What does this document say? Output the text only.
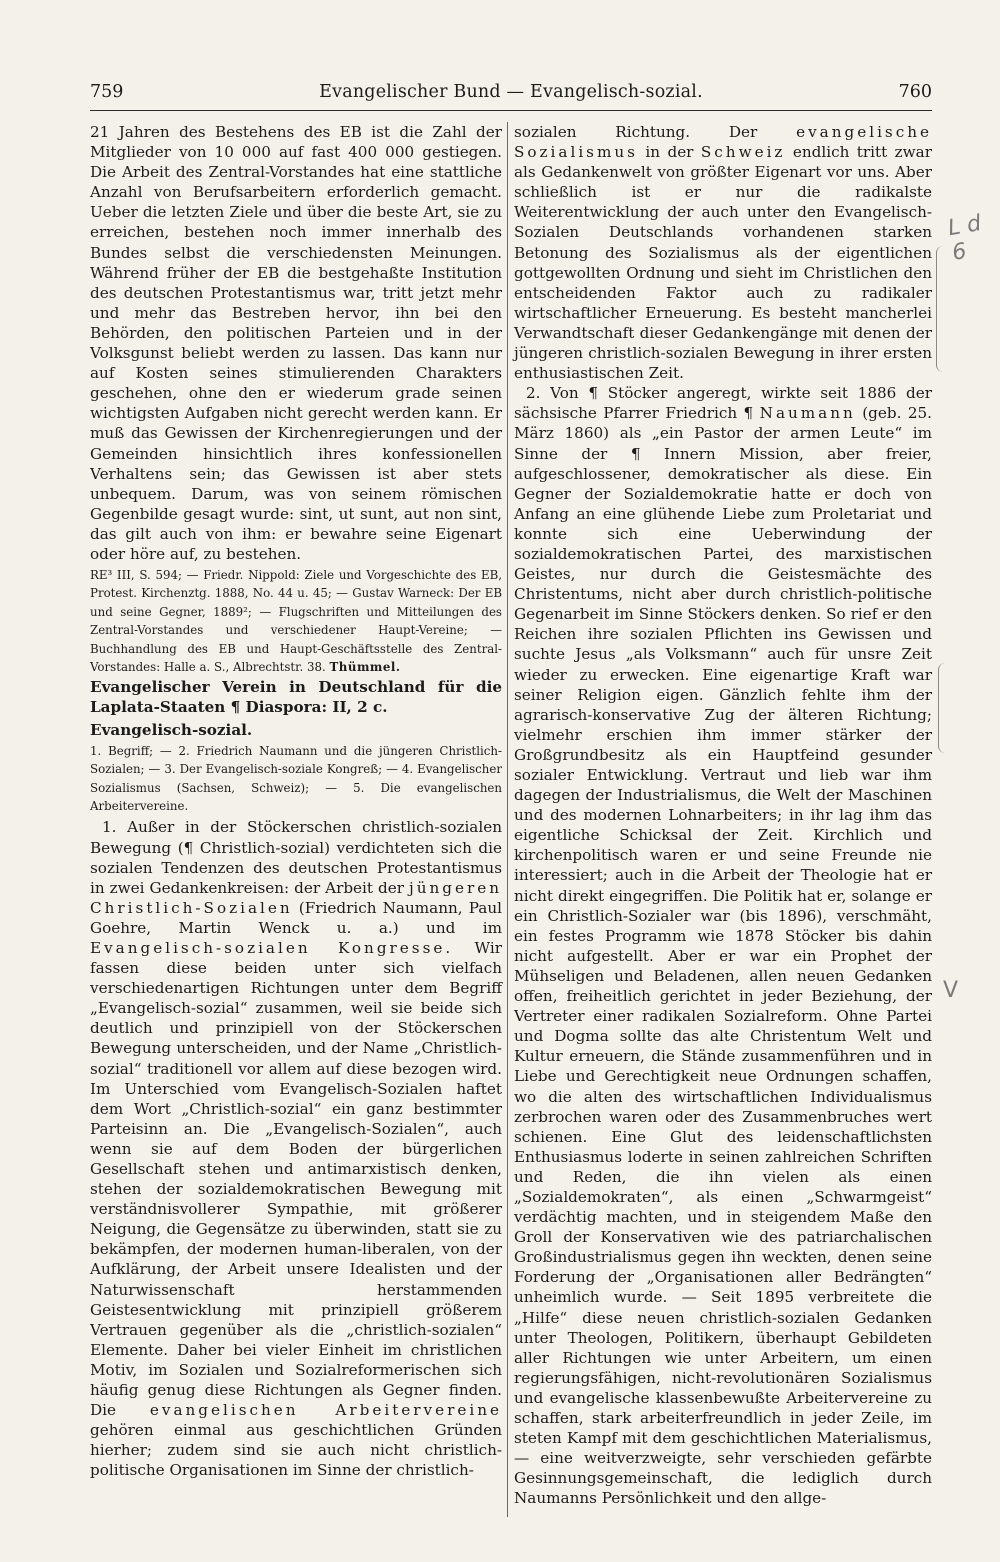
759	Evangelischer Bund — Evangelisch-sozial.	760

21 Jahren des Bestehens des EB ist die Zahl der Mitglieder von 10 000 auf fast 400 000 gestiegen. Die Arbeit des Zentral-Vorstandes hat eine stattliche Anzahl von Berufsarbeitern erforderlich gemacht. Ueber die letzten Ziele und über die beste Art, sie zu erreichen, bestehen noch immer innerhalb des Bundes selbst die verschiedensten Meinungen. Während früher der EB die bestgehaßte Institution des deutschen Protestantismus war, tritt jetzt mehr und mehr das Bestreben hervor, ihn bei den Behörden, den politischen Parteien und in der Volksgunst beliebt werden zu lassen. Das kann nur auf Kosten seines stimulierenden Charakters geschehen, ohne den er wiederum grade seinen wichtigsten Aufgaben nicht gerecht werden kann. Er muß das Gewissen der Kirchenregierungen und der Gemeinden hinsichtlich ihres konfessionellen Verhaltens sein; das Gewissen ist aber stets unbequem. Darum, was von seinem römischen Gegenbilde gesagt wurde: sint, ut sunt, aut non sint, das gilt auch von ihm: er bewahre seine Eigenart oder höre auf, zu bestehen.

RE³ III, S. 594; — Friedr. Nippold: Ziele und Vorgeschichte des EB, Protest. Kirchenztg. 1888, No. 44 u. 45; — Gustav Warneck: Der EB und seine Gegner, 1889²; — Flugschriften und Mitteilungen des Zentral-Vorstandes und verschiedener Haupt-Vereine; — Buchhandlung des EB und Haupt-Geschäftsstelle des Zentral-Vorstandes: Halle a. S., Albrechtstr. 38. Thümmel.

Evangelischer Verein in Deutschland für die Laplata-Staaten ¶ Diaspora: II, 2 c.

Evangelisch-sozial.

1. Begriff; — 2. Friedrich Naumann und die jüngeren Christlich-Sozialen; — 3. Der Evangelisch-soziale Kongreß; — 4. Evangelischer Sozialismus (Sachsen, Schweiz); — 5. Die evangelischen Arbeitervereine.

1. Außer in der Stöckerschen christlich-sozialen Bewegung (¶ Christlich-sozial) verdichteten sich die sozialen Tendenzen des deutschen Protestantismus in zwei Gedankenkreisen: der Arbeit der jüngeren Christlich-Sozialen (Friedrich Naumann, Paul Goehre, Martin Wenck u. a.) und im Evangelisch-sozialen Kongresse. Wir fassen diese beiden unter sich vielfach verschiedenartigen Richtungen unter dem Begriff „Evangelisch-sozial“ zusammen, weil sie beide sich deutlich und prinzipiell von der Stöckerschen Bewegung unterscheiden, und der Name „Christlich-sozial“ traditionell vor allem auf diese bezogen wird. Im Unterschied vom Evangelisch-Sozialen haftet dem Wort „Christlich-sozial“ ein ganz bestimmter Parteisinn an. Die „Evangelisch-Sozialen“, auch wenn sie auf dem Boden der bürgerlichen Gesellschaft stehen und antimarxistisch denken, stehen der sozialdemokratischen Bewegung mit verständnisvollerer Sympathie, mit größerer Neigung, die Gegensätze zu überwinden, statt sie zu bekämpfen, der modernen human-liberalen, von der Aufklärung, der Arbeit unsere Idealisten und der Naturwissenschaft herstammenden Geistesentwicklung mit prinzipiell größerem Vertrauen gegenüber als die „christlich-sozialen“ Elemente. Daher bei vieler Einheit im christlichen Motiv, im Sozialen und Sozialreformerischen sich häufig genug diese Richtungen als Gegner finden. Die evangelischen Arbeitervereine gehören einmal aus geschichtlichen Gründen hierher; zudem sind sie auch nicht christlich-politische Organisationen im Sinne der christlich-

sozialen Richtung. Der evangelische Sozialismus in der Schweiz endlich tritt zwar als Gedankenwelt von größter Eigenart vor uns. Aber schließlich ist er nur die radikalste Weiterentwicklung der auch unter den Evangelisch-Sozialen Deutschlands vorhandenen starken Betonung des Sozialismus als der eigentlichen gottgewollten Ordnung und sieht im Christlichen den entscheidenden Faktor auch zu radikaler wirtschaftlicher Erneuerung. Es besteht mancherlei Verwandtschaft dieser Gedankengänge mit denen der jüngeren christlich-sozialen Bewegung in ihrer ersten enthusiastischen Zeit.

2. Von ¶ Stöcker angeregt, wirkte seit 1886 der sächsische Pfarrer Friedrich ¶ Naumann (geb. 25. März 1860) als „ein Pastor der armen Leute“ im Sinne der ¶ Innern Mission, aber freier, aufgeschlossener, demokratischer als diese. Ein Gegner der Sozialdemokratie hatte er doch von Anfang an eine glühende Liebe zum Proletariat und konnte sich eine Ueberwindung der sozialdemokratischen Partei, des marxistischen Geistes, nur durch die Geistesmächte des Christentums, nicht aber durch christlich-politische Gegenarbeit im Sinne Stöckers denken. So rief er den Reichen ihre sozialen Pflichten ins Gewissen und suchte Jesus „als Volksmann“ auch für unsre Zeit wieder zu erwecken. Eine eigenartige Kraft war seiner Religion eigen. Gänzlich fehlte ihm der agrarisch-konservative Zug der älteren Richtung; vielmehr erschien ihm immer stärker der Großgrundbesitz als ein Hauptfeind gesunder sozialer Entwicklung. Vertraut und lieb war ihm dagegen der Industrialismus, die Welt der Maschinen und des modernen Lohnarbeiters; in ihr lag ihm das eigentliche Schicksal der Zeit. Kirchlich und kirchenpolitisch waren er und seine Freunde nie interessiert; auch in die Arbeit der Theologie hat er nicht direkt eingegriffen. Die Politik hat er, solange er ein Christlich-Sozialer war (bis 1896), verschmäht, ein festes Programm wie 1878 Stöcker bis dahin nicht aufgestellt. Aber er war ein Prophet der Mühseligen und Beladenen, allen neuen Gedanken offen, freiheitlich gerichtet in jeder Beziehung, der Vertreter einer radikalen Sozialreform. Ohne Partei und Dogma sollte das alte Christentum Welt und Kultur erneuern, die Stände zusammenführen und in Liebe und Gerechtigkeit neue Ordnungen schaffen, wo die alten des wirtschaftlichen Individualismus zerbrochen waren oder des Zusammenbruches wert schienen. Eine Glut des leidenschaftlichsten Enthusiasmus loderte in seinen zahlreichen Schriften und Reden, die ihn vielen als einen „Sozialdemokraten“, als einen „Schwarmgeist“ verdächtig machten, und in steigendem Maße den Groll der Konservativen wie des patriarchalischen Großindustrialismus gegen ihn weckten, denen seine Forderung der „Organisationen aller Bedrängten“ unheimlich wurde. — Seit 1895 verbreitete die „Hilfe“ diese neuen christlich-sozialen Gedanken unter Theologen, Politikern, überhaupt Gebildeten aller Richtungen wie unter Arbeitern, um einen regierungsfähigen, nicht-revolutionären Sozialismus und evangelische klassenbewußte Arbeitervereine zu schaffen, stark arbeiterfreundlich in jeder Zeile, im steten Kampf mit dem geschichtlichen Materialismus, — eine weitverzweigte, sehr verschieden gefärbte Gesinnungsgemeinschaft, die lediglich durch Naumanns Persönlichkeit und den allge-

L d 6
V
